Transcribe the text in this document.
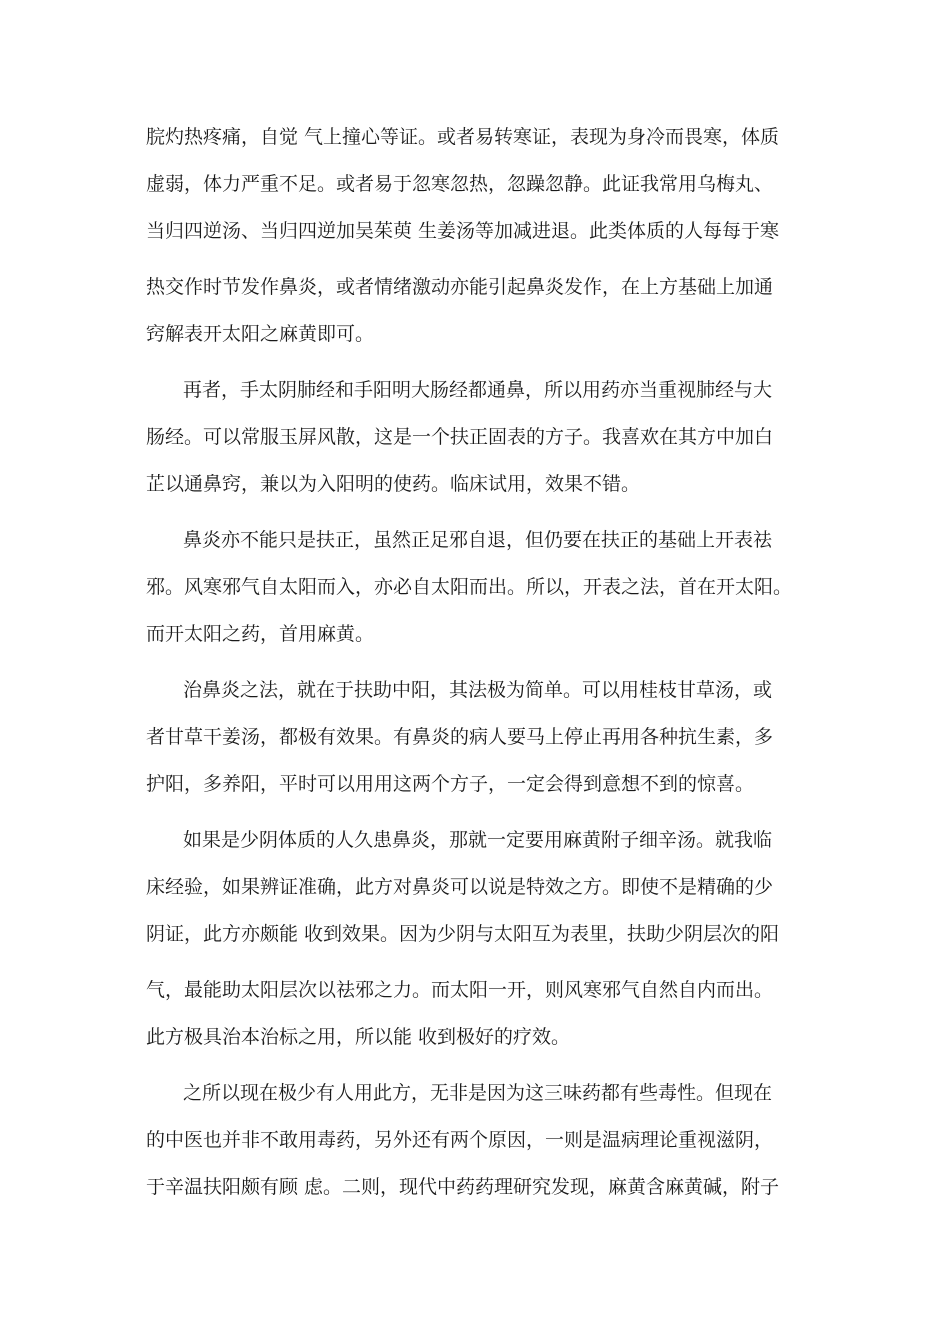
脘灼热疼痛，自觉 气上撞心等证。或者易转寒证，表现为身冷而畏寒，体质
虚弱，体力严重不足。或者易于忽寒忽热，忽躁忽静。此证我常用乌梅丸、
当归四逆汤、当归四逆加吴茱萸 生姜汤等加减进退。此类体质的人每每于寒
热交作时节发作鼻炎，或者情绪激动亦能引起鼻炎发作，在上方基础上加通
窍解表开太阳之麻黄即可。
再者，手太阴肺经和手阳明大肠经都通鼻，所以用药亦当重视肺经与大
肠经。可以常服玉屏风散，这是一个扶正固表的方子。我喜欢在其方中加白
芷以通鼻窍，兼以为入阳明的使药。临床试用，效果不错。
鼻炎亦不能只是扶正，虽然正足邪自退，但仍要在扶正的基础上开表祛
邪。风寒邪气自太阳而入，亦必自太阳而出。所以，开表之法，首在开太阳。
而开太阳之药，首用麻黄。
治鼻炎之法，就在于扶助中阳，其法极为简单。可以用桂枝甘草汤，或
者甘草干姜汤，都极有效果。有鼻炎的病人要马上停止再用各种抗生素，多
护阳，多养阳，平时可以用用这两个方子，一定会得到意想不到的惊喜。
如果是少阴体质的人久患鼻炎，那就一定要用麻黄附子细辛汤。就我临
床经验，如果辨证准确，此方对鼻炎可以说是特效之方。即使不是精确的少
阴证，此方亦颇能 收到效果。因为少阴与太阳互为表里，扶助少阴层次的阳
气，最能助太阳层次以祛邪之力。而太阳一开，则风寒邪气自然自内而出。
此方极具治本治标之用，所以能 收到极好的疗效。
之所以现在极少有人用此方，无非是因为这三味药都有些毒性。但现在
的中医也并非不敢用毒药，另外还有两个原因，一则是温病理论重视滋阴，
于辛温扶阳颇有顾 虑。二则，现代中药药理研究发现，麻黄含麻黄碱，附子
